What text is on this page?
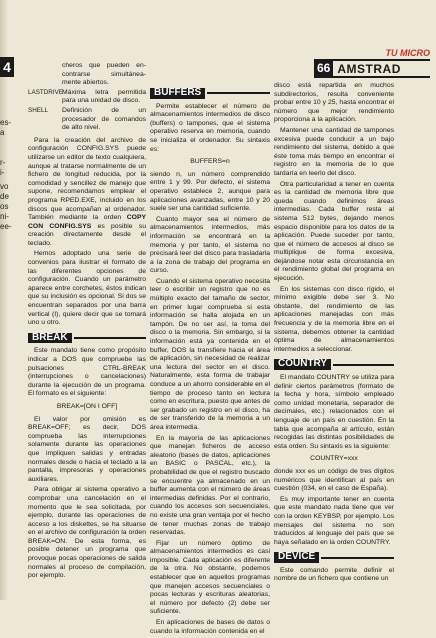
4
es-
a
r-
i-
vo
de
os
ni-
ee-
TU MICRO
66 AMSTRAD
cheros que pueden en- contrarse simultánea- mente abiertos.
LASTDRIVE Máxima letra permitida para una unidad de disco.
SHELL	Definición de un procesador de comandos de alto nivel.

Para la creación del archivo de configuración CONFIG.SYS puede utilizarse un editor de texto cualquiera, aunque al tratarse normalmente de un fichero de longitud reducida, por la comodidad y sencillez de manejo que supone, recomendamos emplear el programa RPED.EXE, incluido en los discos que acompañan al ordenador. También mediante la orden COPY CON CONFIG.SYS es posible su creación directamente desde el teclado.

Hemos adoptado una serie de convenios para ilustrar el formato de las diferentes opciones de configuración. Cuando un parámetro aparece entre corchetes, éstos indican que su inclusión es opcional. Si dos se encuentran separados por una barra vertical (I), quiere decir que se tomará uno u otro.

BREAK

Este mandato tiene como propósito indicar a DOS que compruebe las pulsaciones CTRL-BREAK (interrupciones o cancelaciones) durante la ejecución de un programa. El formato es el siguiente:

BREAK=[ON I OFF]

El valor por omisión es BREAK=OFF; es decir, DOS comprueba las interrupciones solamente durante las operaciones que impliquen salidas y entradas normales desde o hacia el teclado a la pantalla, impresoras y operaciones auxiliares.

Para obligar al sistema operativo a comprobar una cancelación en el momento que le sea solicitada, por ejemplo, durante las operaciones de acceso a los diskettes, se ha situarse en el archivo de configuración la orden BREAK=ON. De esta forma, es posible detener un programa que provoque pocas operaciones de salida normales al proceso de compilación, por ejemplo.

BUFFERS

Permite establecer el número de almacenamientos intermedios de disco (buffers) o tampones, que el sistema operativo reserva en memoria, cuando se inicializa el ordenador. Su sintaxis es:

BUFFERS=n

siendo n, un número comprendido entre 1 y 99. Por defecto, el sistema operativo establece 2, aunque para aplicaciones avanzadas, entre 10 y 20 suele ser una cantidad suficiente.

Cuanto mayor sea el número de almacenamientos intermedios, más información se encontrará en la memoria y por tanto, el sistema no precisará leer del disco para trasladarla a la zona de trabajo del programa en curso.

Cuando el sistema operativo necesita leer o escribir un registro que no es múltiplo exacto del tamaño de sector, en primer lugar comprueba si esta información se halla alojada en un tampón. De no ser así, la toma del disco o la memoria. Sin embargo, si la información está ya contenida en el buffer, DOS la transfiere hacia el área de aplicación, sin necesidad de realizar una lectura del sector en el disco. Naturalmente, esta forma de trabajar conduce a un ahorro considerable en el tiempo de proceso tanto en lectura como en escritura, puesto que antes de ser grabado un registro en el disco, ha de ser transferido de la memoria a un área intermedia.

En la mayoría de las aplicaciones que manejan ficheros de acceso aleatorio (bases de datos, aplicaciones en BASIC o PASCAL, etc.), la probabilidad de que el registro buscado se encuentre ya almacenado en un buffer aumenta con el número de áreas intermedias definidas. Por el contrario, cuando los accesos son secuenciales, no existe una gran ventaja por el hecho de tener muchas zonas de trabajo reservadas.

Fijar un número óptimo de almacenamientos intermedios es casi imposible. Cada aplicación es diferente de la otra. No obstante, podemos establecer que en aquellos programas que manejen accesos secuenciales o pocas lecturas y escrituras aleatorias, el número por defecto (2) debe ser suficiente.

En aplicaciones de bases de datos o cuando la información contenida en el

disco está repartida en muchos subdirectorios, resulta conveniente probar entre 10 y 25, hasta encontrar el número que mejor rendimiento proporciona a la aplicación.

Mantener una cantidad de tampones excesiva puede conducir a un bajo rendimiento del sistema, debido a que éste toma más tiempo en encontrar el registro en la memoria de lo que tardaría en leerlo del disco.

Otra particularidad a tener en cuenta es la cantidad de memoria libre que queda cuando definimos áreas intermedias. Cada buffer resta al sistema 512 bytes, dejando menos espacio disponible para los datos de la aplicación. Puede suceder por tanto, que el número de accesos al disco se multiplique de forma excesiva, dejándose notar esta circunstancia en el rendimiento global del programa en ejecución.

En los sistemas con disco rígido, el mínimo exigible debe ser 3. No obstante, del rendimiento de las aplicaciones manejadas con más frecuencia y de la memoria libre en el sistema, debemos obtener la cantidad óptima de almacenamientos intermedios a seleccionar.

COUNTRY

El mandato COUNTRY se utiliza para definir ciertos parámetros (formato de la fecha y hora, símbolo empleado como unidad monetaria, separador de decimales, etc.) relacionados con el lenguaje de un país en cuestión. En la tabla que acompaña al artículo, están recogidas las distintas posibilidades de esta orden. Su sintaxis es la siguiente:

COUNTRY=xxx

donde xxx es un código de tres dígitos numéricos que identifican al país en cuestión (034, en el caso de España).

Es muy importante tener en cuenta que este mandato nada tiene que ver con la orden KEYBSP, por ejemplo. Los mensajes del sistema no son traducidos al lenguaje del país que se haya señalado en la orden COUNTRY.

DEVICE

Este comando permite definir el nombre de un fichero que contiene un
